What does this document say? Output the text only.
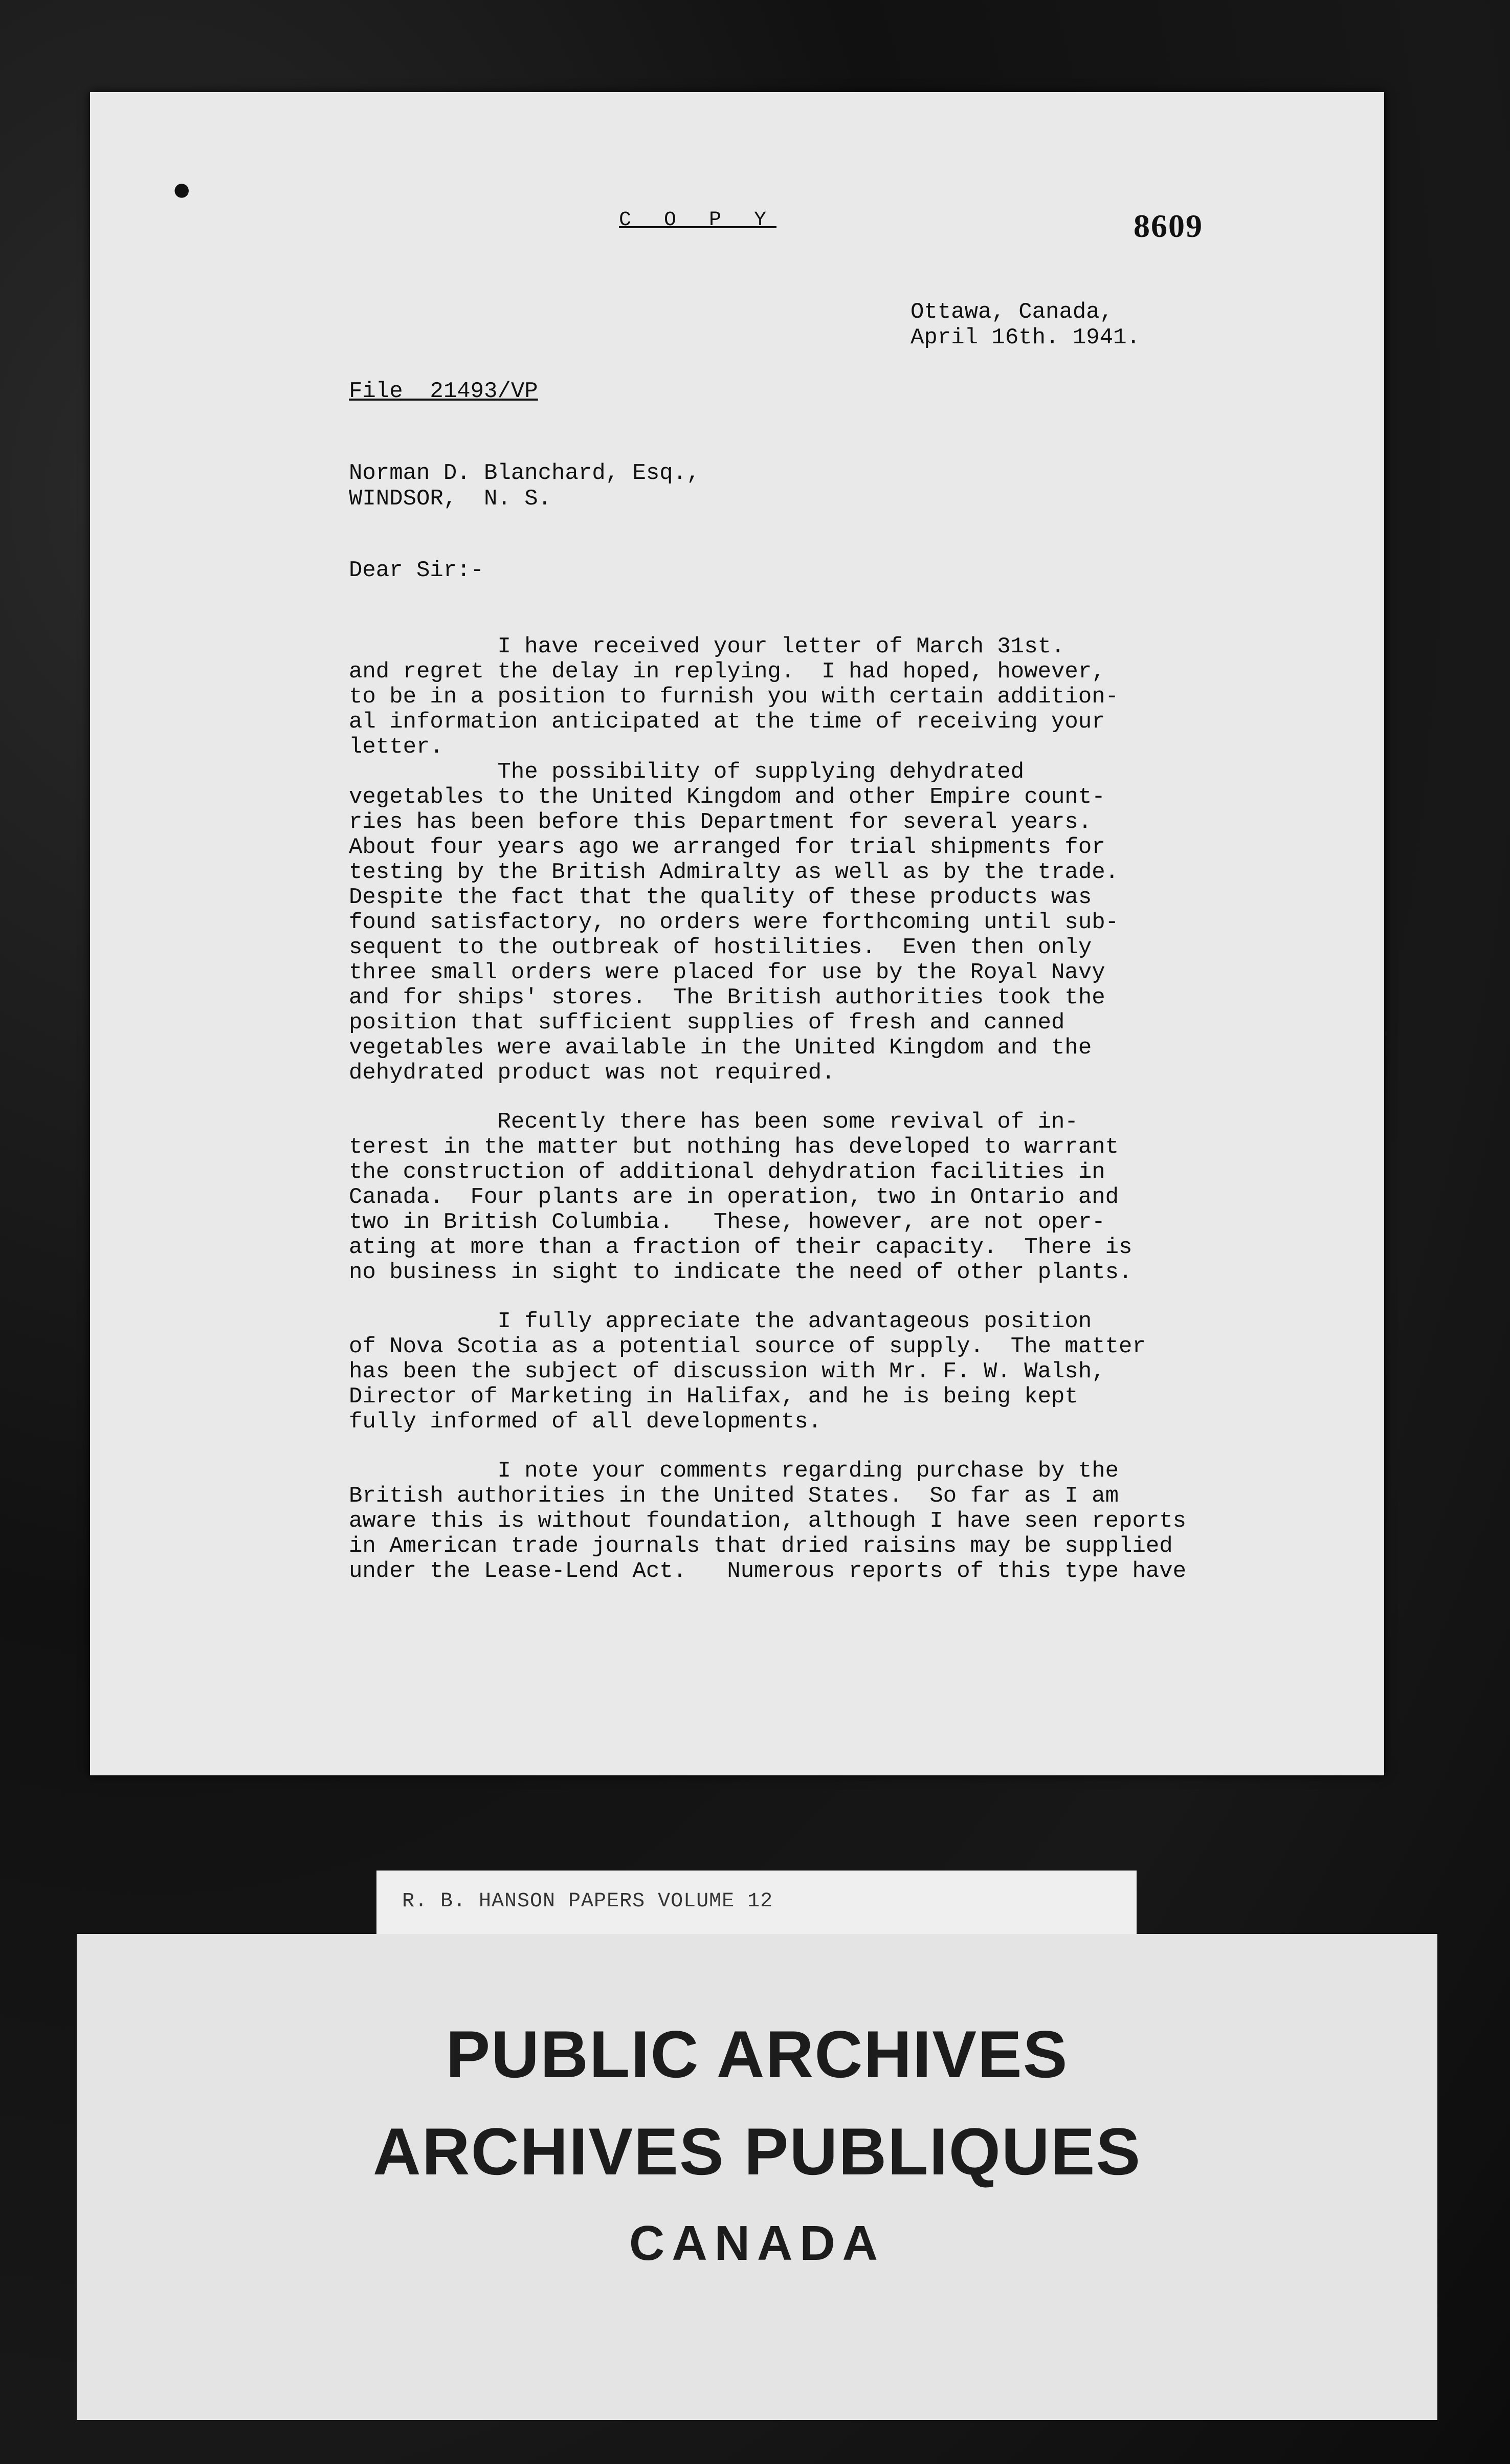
●
C O P Y	8609
Ottawa, Canada,
April 16th. 1941.
File  21493/VP
Norman D. Blanchard, Esq.,
WINDSOR,  N. S.
Dear Sir:-
I have received your letter of March 31st.
and regret the delay in replying.  I had hoped, however,
to be in a position to furnish you with certain addition-
al information anticipated at the time of receiving your
letter.
The possibility of supplying dehydrated
vegetables to the United Kingdom and other Empire count-
ries has been before this Department for several years.
About four years ago we arranged for trial shipments for
testing by the British Admiralty as well as by the trade.
Despite the fact that the quality of these products was
found satisfactory, no orders were forthcoming until sub-
sequent to the outbreak of hostilities.  Even then only
three small orders were placed for use by the Royal Navy
and for ships' stores.  The British authorities took the
position that sufficient supplies of fresh and canned
vegetables were available in the United Kingdom and the
dehydrated product was not required.
Recently there has been some revival of in-
terest in the matter but nothing has developed to warrant
the construction of additional dehydration facilities in
Canada.  Four plants are in operation, two in Ontario and
two in British Columbia.   These, however, are not oper-
ating at more than a fraction of their capacity.  There is
no business in sight to indicate the need of other plants.
I fully appreciate the advantageous position
of Nova Scotia as a potential source of supply.  The matter
has been the subject of discussion with Mr. F. W. Walsh,
Director of Marketing in Halifax, and he is being kept
fully informed of all developments.
I note your comments regarding purchase by the
British authorities in the United States.  So far as I am
aware this is without foundation, although I have seen reports
in American trade journals that dried raisins may be supplied
under the Lease-Lend Act.   Numerous reports of this type have
R. B. HANSON PAPERS VOLUME 12
PUBLIC ARCHIVES
ARCHIVES PUBLIQUES
CANADA
